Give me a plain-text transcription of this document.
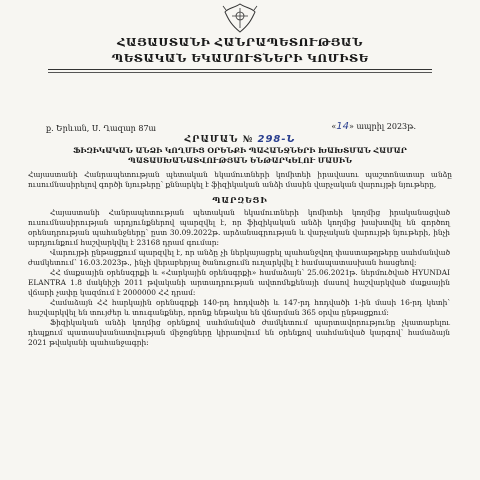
ՀԱՅԱՍՏԱՆԻ ՀԱՆՐԱՊԵՏՈՒԹՅԱՆ
ՊԵՏԱԿԱՆ ԵԿԱՄՈՒՏՆԵՐԻ ԿՈՄԻՏԵ
ք. Երևան, Ս. Ղազար 87ա	«14» ապրիլ 2023թ.
ՀՐԱՄԱՆ № 298-Ն
ՖԻԶԻԿԱԿԱՆ ԱՆՁԻ ԿՈՂՄԻՑ ՕՐԵՆՔԻ ՊԱՀԱՆՋՆԵՐԻ ԽԱԽՏՄԱՆ ՀԱՄԱՐ ՊԱՏԱՍԽԱՆԱՏՎՈՒԹՅԱՆ ԵՆԹԱՐԿԵԼՈՒ ՄԱՍԻՆ
Հայաստանի Հանրապետության պետական եկամուտների կոմիտեի իրավասու պաշտոնատար անձը ուսումնասիրելով գործի նյութերը՝ քննարկել է ֆիզիկական անձի մասին վարչական վարույթի նյութերը,
ՊԱՐԶԵՑԻ

Հայաստանի Հանրապետության պետական եկամուտների կոմիտեի կողմից իրականացված ուսումնասիրության արդյունքներով պարզվել է, որ ֆիզիկական անձի կողմից խախտվել են գործող օրենսդրության պահանջները՝ ըստ 30.09.2022թ. արձանագրության և վարչական վարույթի նյութերի, ինչի արդյունքում հաշվարկվել է 23168 դրամ գումար:

Վարույթի ընթացքում պարզվել է, որ անձը չի ներկայացրել պահանջվող փաստաթղթերը սահմանված ժամկետում՝ 16.03.2023թ., ինչի վերաբերյալ ծանուցումն ուղարկվել է համապատասխան հասցեով:

ՀՀ մաքսային օրենսգրքի և «Հարկային օրենսգրքի» համաձայն՝ 25.06.2021թ. ներմուծված HYUNDAI ELANTRA 1.8 մակնիշի 2011 թվականի արտադրության ավտոմեքենայի մասով հաշվարկված մաքսային վճարի չափը կազմում է 2000000 ՀՀ դրամ:

Համաձայն ՀՀ հարկային օրենսգրքի 140-րդ հոդվածի և 147-րդ հոդվածի 1-ին մասի 16-րդ կետի՝ հաշվարկվել են տույժեր և տուգանքներ, որոնք ենթակա են վճարման 365 օրվա ընթացքում:

Ֆիզիկական անձի կողմից օրենքով սահմանված ժամկետում պարտավորությունը չկատարելու դեպքում պատասխանատվության միջոցները կիրառվում են օրենքով սահմանված կարգով՝ համաձայն 2021 թվականի պահանջագրի:
